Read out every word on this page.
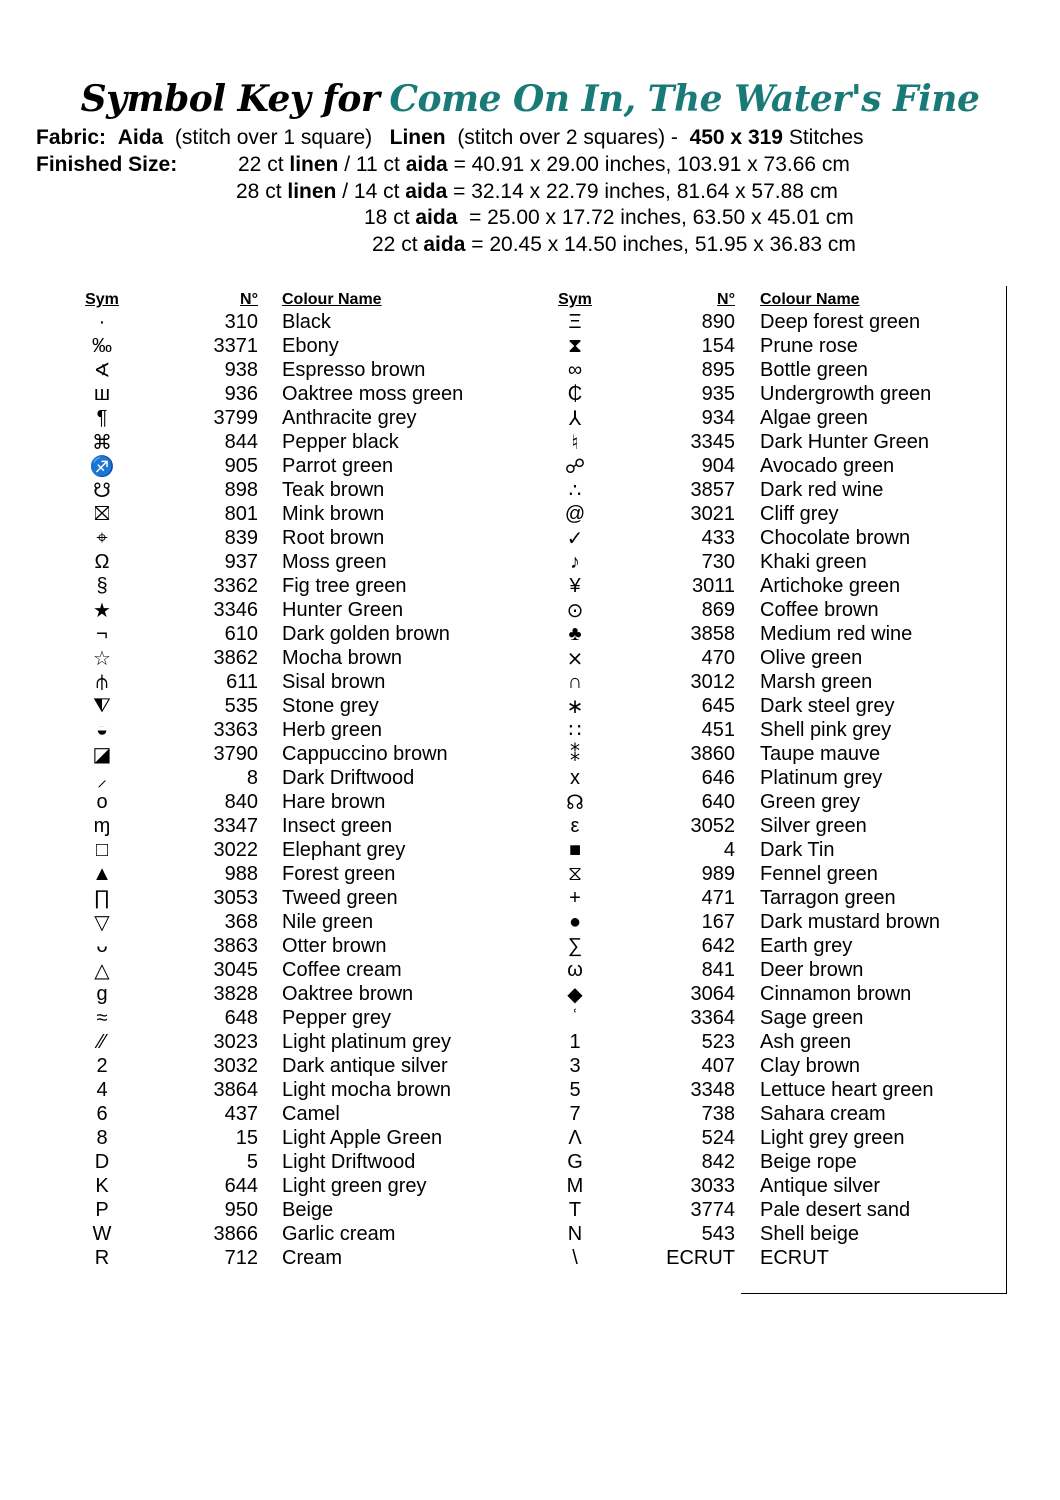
Symbol Key for Come On In, The Water's Fine
Fabric: Aida (stitch over 1 square) Linen (stitch over 2 squares) - 450 x 319 Stitches
Finished Size:	22 ct linen / 11 ct aida = 40.91 x 29.00 inches, 103.91 x 73.66 cm
28 ct linen / 14 ct aida = 32.14 x 22.79 inches, 81.64 x 57.88 cm
18 ct aida  = 25.00 x 17.72 inches, 63.50 x 45.01 cm
22 ct aida = 20.45 x 14.50 inches, 51.95 x 36.83 cm
Sym	N°	Colour Name
·	310	Black
‰	3371	Ebony
∢	938	Espresso brown
ш	936	Oaktree moss green
¶	3799	Anthracite grey
⌘	844	Pepper black
♐	905	Parrot green
☋	898	Teak brown
⛝	801	Mink brown
⌖	839	Root brown
Ω	937	Moss green
§	3362	Fig tree green
★	3346	Hunter Green
¬	610	Dark golden brown
☆	3862	Mocha brown
⫛	611	Sisal brown
⧨	535	Stone grey
◒	3363	Herb green
◪	3790	Cappuccino brown
⸝	8	Dark Driftwood
o	840	Hare brown
ɱ	3347	Insect green
□	3022	Elephant grey
▲	988	Forest green
∏	3053	Tweed green
▽	368	Nile green
ᴗ	3863	Otter brown
△	3045	Coffee cream
g	3828	Oaktree brown
≈	648	Pepper grey
⁄⁄	3023	Light platinum grey
2	3032	Dark antique silver
4	3864	Light mocha brown
6	437	Camel
8	15	Light Apple Green
D	5	Light Driftwood
K	644	Light green grey
P	950	Beige
W	3866	Garlic cream
R	712	Cream
Sym	N°	Colour Name
Ξ	890	Deep forest green
⧗	154	Prune rose
∞	895	Bottle green
₵	935	Undergrowth green
⅄	934	Algae green
♮	3345	Dark Hunter Green
☍	904	Avocado green
∴	3857	Dark red wine
@	3021	Cliff grey
✓	433	Chocolate brown
♪	730	Khaki green
¥	3011	Artichoke green
⊙	869	Coffee brown
♣	3858	Medium red wine
⨯	470	Olive green
∩	3012	Marsh green
∗	645	Dark steel grey
∷	451	Shell pink grey
⁑	3860	Taupe mauve
x	646	Platinum grey
☊	640	Green grey
ε	3052	Silver green
■	4	Dark Tin
⧖	989	Fennel green
+	471	Tarragon green
●	167	Dark mustard brown
∑	642	Earth grey
ω	841	Deer brown
◆	3064	Cinnamon brown
ʿ	3364	Sage green
1	523	Ash green
3	407	Clay brown
5	3348	Lettuce heart green
7	738	Sahara cream
Λ	524	Light grey green
G	842	Beige rope
M	3033	Antique silver
T	3774	Pale desert sand
N	543	Shell beige
\	ECRUT	ECRUT
